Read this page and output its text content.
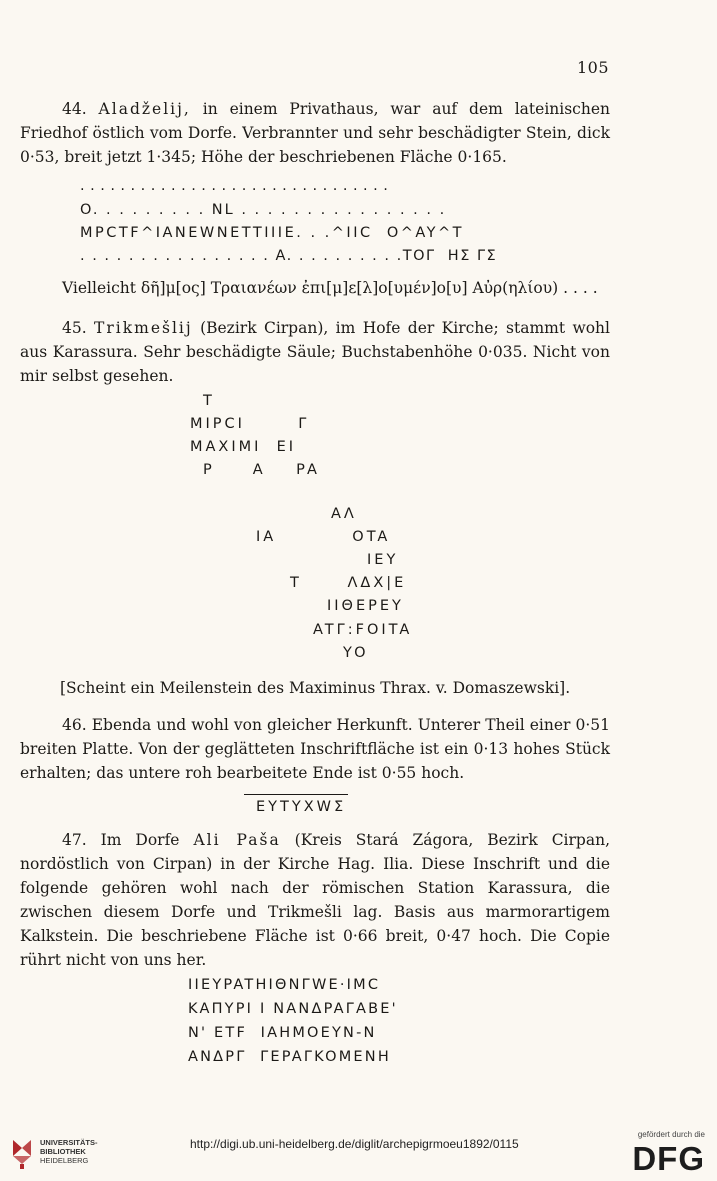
105
44. Aladželij, in einem Privathaus, war auf dem lateinischen Friedhof östlich vom Dorfe. Verbrannter und sehr beschädigter Stein, dick 0·53, breit jetzt 1·345; Höhe der beschriebenen Fläche 0·165.
...............................
O. . . . . . . . . NL . . . . . . . . . . . . . . . .
MPCTF^IANEWNETTIIIE. . .^IIC  O^AY^T
. . . . . . . . . . . . . . . . A. . . . . . . . . .TOΓ  HΣ ΓΣ
Vielleicht δῆ]μ[ος] Τραιανέων ἐπι[μ]ε[λ]ο[υμέν]ο[υ] Αὐρ(ηλίου) . . . .
45. Trikmešlij (Bezirk Cirpan), im Hofe der Kirche; stammt wohl aus Karassura. Sehr beschädigte Säule; Buchstabenhöhe 0·035. Nicht von mir selbst gesehen.
T
MIPCI       Γ
MAXIMI  EI
P     A    PA
AΛ
IA          OTA
IEY
T      ΛΔX|E
IIΘEPEY
ATΓ:FOITA
YO
[Scheint ein Meilenstein des Maximinus Thrax. v. Domaszewski].
46. Ebenda und wohl von gleicher Herkunft. Unterer Theil einer 0·51 breiten Platte. Von der geglätteten Inschriftfläche ist ein 0·13 hohes Stück erhalten; das untere roh bearbeitete Ende ist 0·55 hoch.
EYTYXWΣ
47. Im Dorfe Ali Paša (Kreis Stará Zágora, Bezirk Cirpan, nordöstlich von Cirpan) in der Kirche Hag. Ilia. Diese Inschrift und die folgende gehören wohl nach der römischen Station Karassura, die zwischen diesem Dorfe und Trikmešli lag. Basis aus marmorartigem Kalkstein. Die beschriebene Fläche ist 0·66 breit, 0·47 hoch. Die Copie rührt nicht von uns her.
IIEYPATHIΘNΓWE·IMC
KAΠYPI I NANΔPAΓABE'
N' ETF  IAHMOEYN-N
ANΔPΓ  ΓEPAΓKOMENH
UNIVERSITÄTS-
BIBLIOTHEK
HEIDELBERG
http://digi.ub.uni-heidelberg.de/diglit/archepigrmoeu1892/0115
gefördert durch die
DFG
